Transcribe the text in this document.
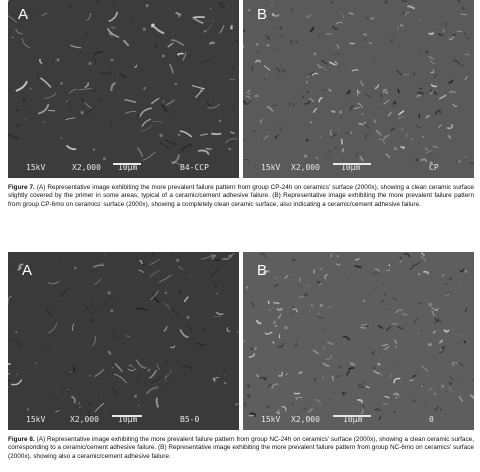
A
15kV	X2,000 10µm	B4-CCP
B
15kV X2,000	10µm	CP
Figure 7. (A) Representative image exhibiting the more prevalent failure pattern from group CP-24h on ceramics' surface (2000x), showing a clean ceramic surface slightly covered by the primer in some areas, typical of a ceramic/cement adhesive failure. (B) Representative image exhibiting the more prevalent failure pattern from group CP-6mo on ceramics' surface (2000x), showing a completely clean ceramic surface, also indicating a ceramic/cement adhesive failure.
A
15kV	X2,000 10µm	B5-0
B
15kV X2,000	10µm	0
Figure 8. (A) Representative image exhibiting the more prevalent failure pattern from group NC-24h on ceramics' surface (2000x), showing a clean ceramic surface, corresponding to a ceramic/cement adhesive failure. (B) Representative image exhibiting the more prevalent failure pattern from group NC-6mo on ceramics' surface (2000x), showing also a ceramic/cement adhesive failure.
